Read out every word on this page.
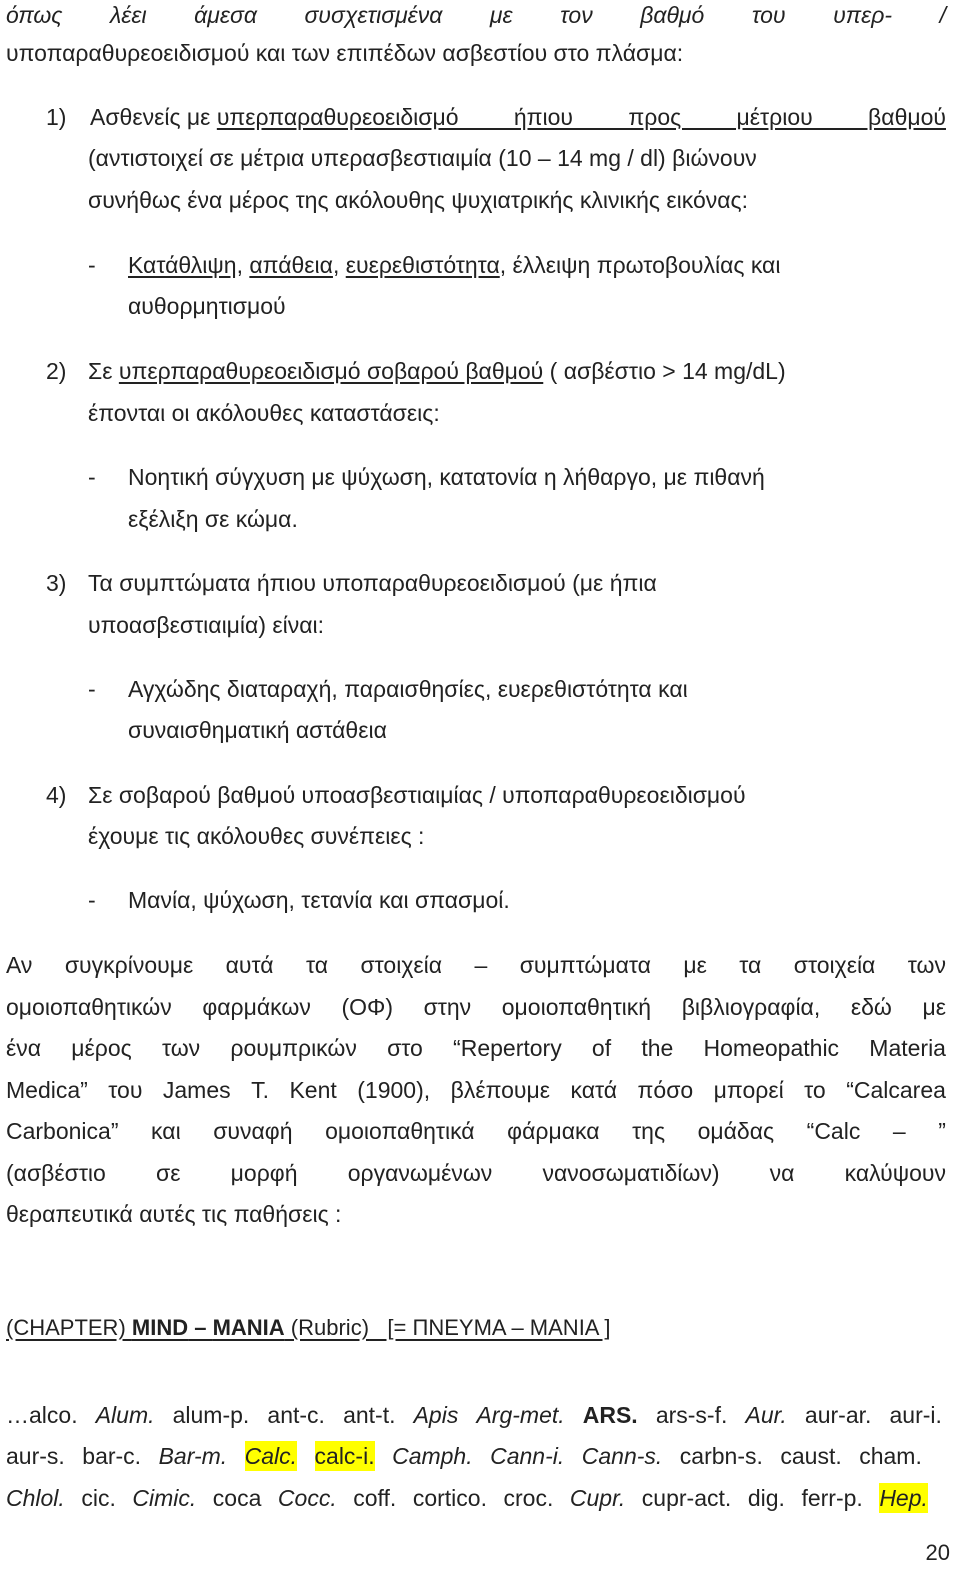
όπως λέει άμεσα συσχετισμένα με τον βαθμό του υπερ- /
υποπαραθυρεοειδισμού και των επιπέδων ασβεστίου στο πλάσμα:
1) Ασθενείς με υπερπαραθυρεοειδισμό ήπιου προς μέτριου βαθμού
(αντιστοιχεί σε μέτρια υπερασβεστιαιμία (10 – 14 mg / dl) βιώνουν
συνήθως ένα μέρος της ακόλουθης ψυχιατρικής κλινικής εικόνας:
- Κατάθλιψη, απάθεια, ευερεθιστότητα, έλλειψη πρωτοβουλίας και
αυθορμητισμού
2) Σε υπερπαραθυρεοειδισμό σοβαρού βαθμού ( ασβέστιο > 14 mg/dL)
έπονται οι ακόλουθες καταστάσεις:
- Νοητική σύγχυση με ψύχωση, κατατονία η λήθαργο, με πιθανή
εξέλιξη σε κώμα.
3) Τα συμπτώματα ήπιου υποπαραθυρεοειδισμού (με ήπια
υποασβεστιαιμία) είναι:
- Αγχώδης διαταραχή, παραισθησίες, ευερεθιστότητα και
συναισθηματική αστάθεια
4) Σε σοβαρού βαθμού υποασβεστιαιμίας / υποπαραθυρεοειδισμού
έχουμε τις ακόλουθες συνέπειες :
- Μανία, ψύχωση, τετανία και σπασμοί.
Αν συγκρίνουμε αυτά τα στοιχεία – συμπτώματα με τα στοιχεία των
ομοιοπαθητικών φαρμάκων (ΟΦ) στην ομοιοπαθητική βιβλιογραφία, εδώ με
ένα μέρος των ρουμπρικών στο “Repertory of the Homeopathic Materia
Medica” του James T. Kent (1900), βλέπουμε κατά πόσο μπορεί το “Calcarea
Carbonica” και συναφή ομοιοπαθητικά φάρμακα της ομάδας “Calc – ”
(ασβέστιο σε μορφή οργανωμένων νανοσωματιδίων) να καλύψουν
θεραπευτικά αυτές τις παθήσεις :
(CHAPTER) MIND – MANIA (Rubric)   [= ΠΝΕΥΜΑ – ΜΑΝΙΑ ]
…alco. Alum. alum-p. ant-c. ant-t. Apis Arg-met. ARS. ars-s-f. Aur. aur-ar. aur-i.
aur-s. bar-c. Bar-m. Calc. calc-i. Camph. Cann-i. Cann-s. carbn-s. caust. cham.
Chlol. cic. Cimic. coca Cocc. coff. cortico. croc. Cupr. cupr-act. dig. ferr-p. Hep.
20
